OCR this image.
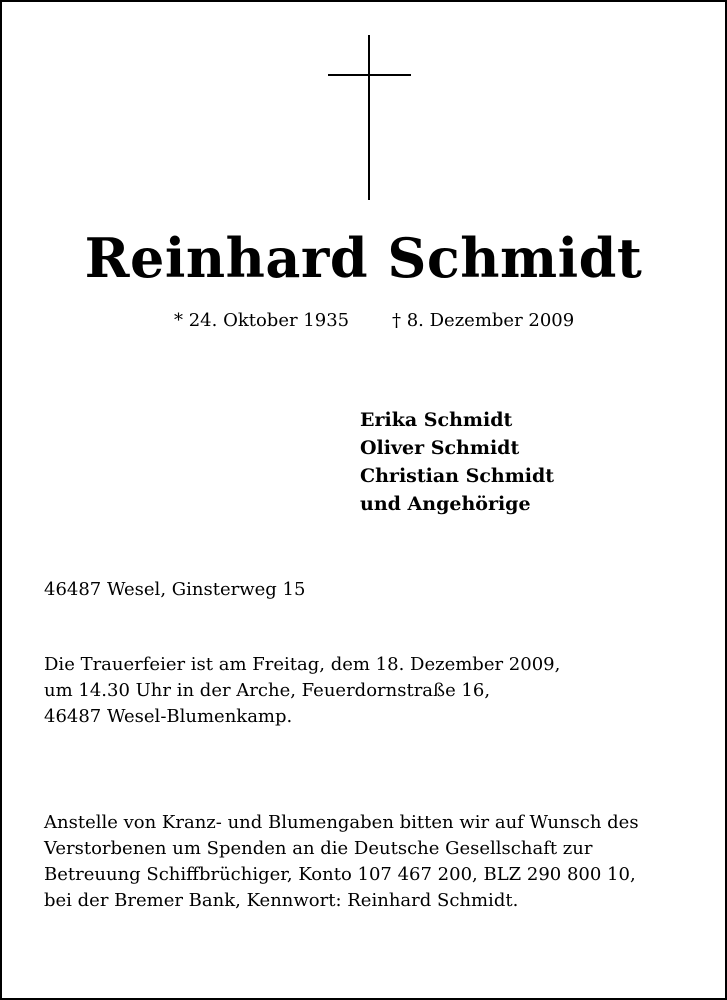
Reinhard Schmidt
* 24. Oktober 1935 † 8. Dezember 2009
Erika Schmidt
Oliver Schmidt
Christian Schmidt
und Angehörige
46487 Wesel, Ginsterweg 15
Die Trauerfeier ist am Freitag, dem 18. Dezember 2009,
um 14.30 Uhr in der Arche, Feuerdornstraße 16,
46487 Wesel-Blumenkamp.
Anstelle von Kranz- und Blumengaben bitten wir auf Wunsch des
Verstorbenen um Spenden an die Deutsche Gesellschaft zur
Betreuung Schiffbrüchiger, Konto 107 467 200, BLZ 290 800 10,
bei der Bremer Bank, Kennwort: Reinhard Schmidt.
